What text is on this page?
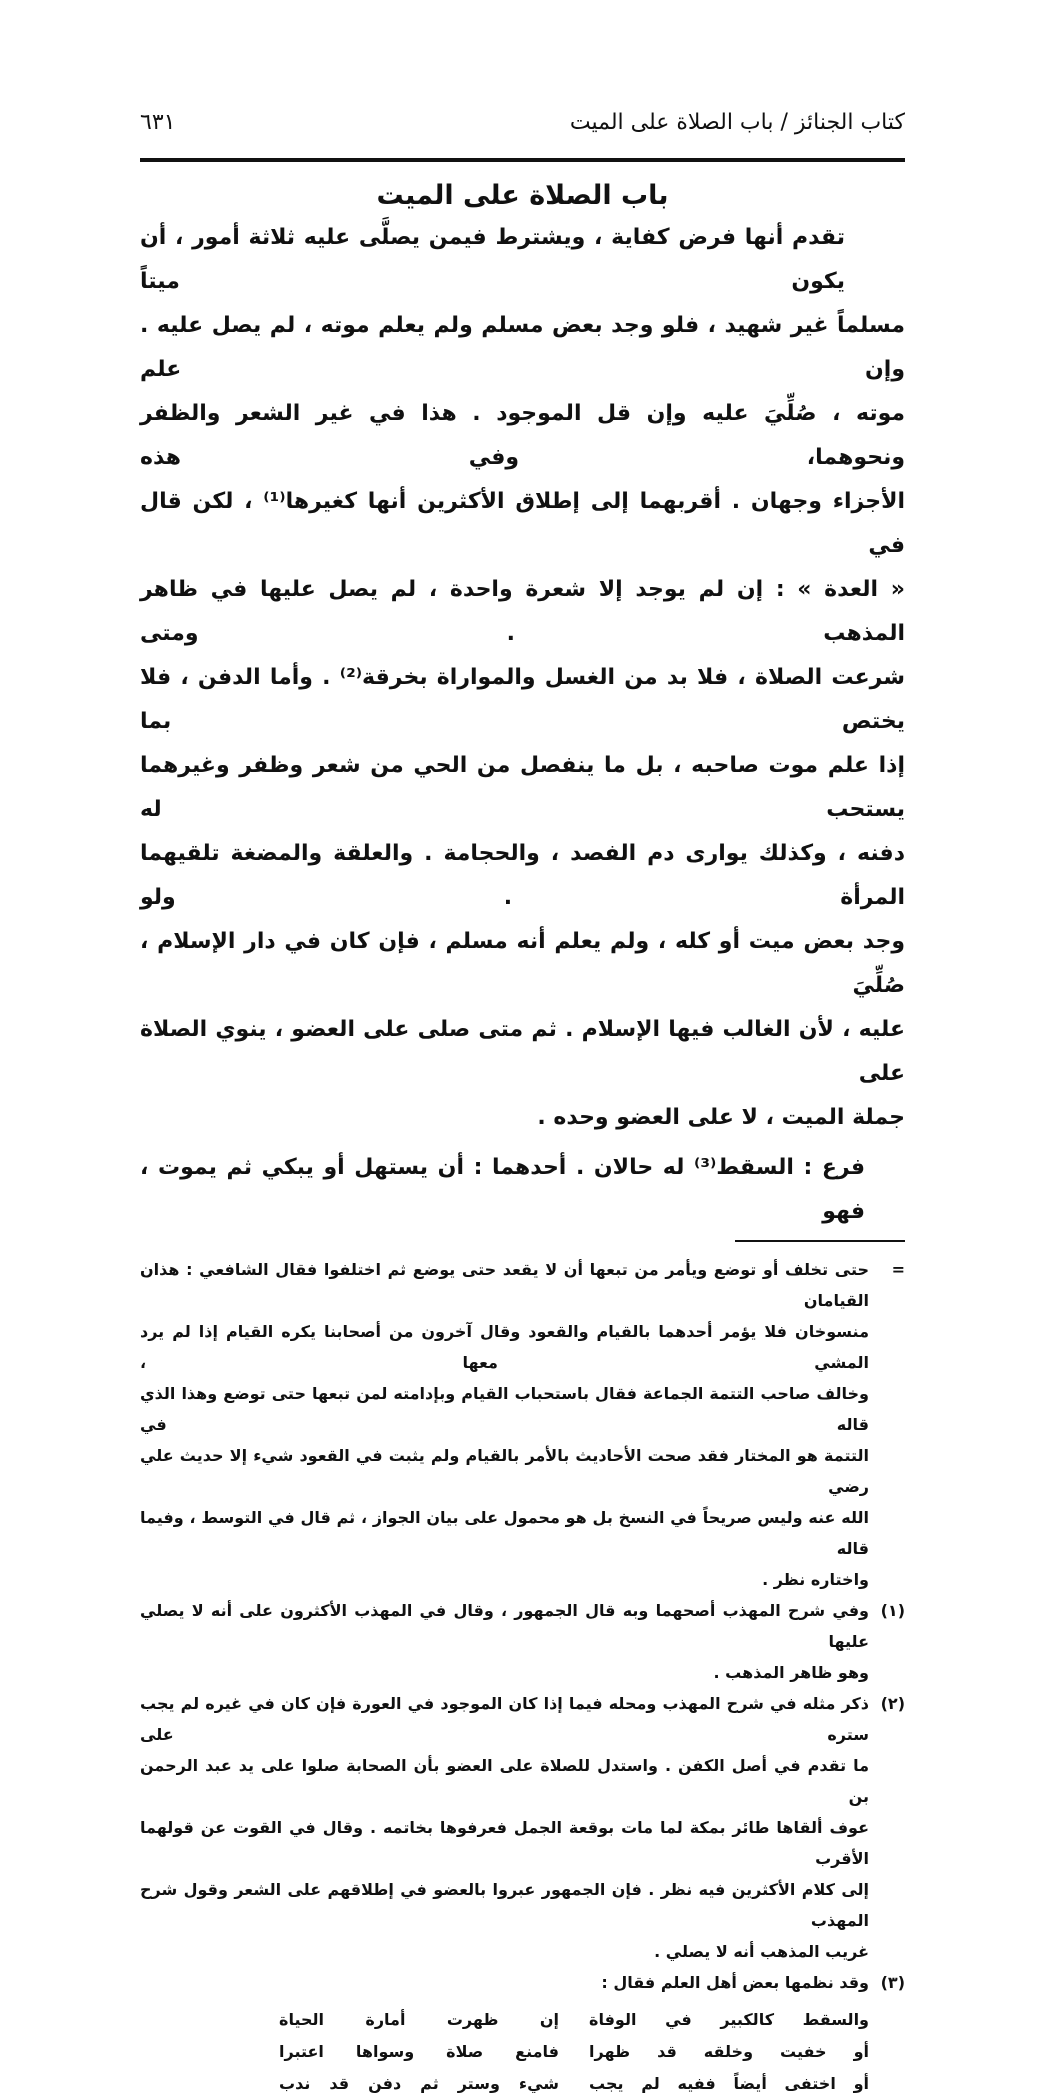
كتاب الجنائز / باب الصلاة على الميت
٦٣١
باب الصلاة على الميت
تقدم أنها فرض كفاية ، ويشترط فيمن يصلَّى عليه ثلاثة أمور ، أن يكون ميتاً
مسلماً غير شهيد ، فلو وجد بعض مسلم ولم يعلم موته ، لم يصل عليه . وإن علم
موته ، صُلِّيَ عليه وإن قل الموجود . هذا في غير الشعر والظفر ونحوهما، وفي هذه
الأجزاء وجهان . أقربهما إلى إطلاق الأكثرين أنها كغيرها⁽¹⁾ ، لكن قال في
« العدة » : إن لم يوجد إلا شعرة واحدة ، لم يصل عليها في ظاهر المذهب . ومتى
شرعت الصلاة ، فلا بد من الغسل والمواراة بخرقة⁽²⁾ . وأما الدفن ، فلا يختص بما
إذا علم موت صاحبه ، بل ما ينفصل من الحي من شعر وظفر وغيرهما يستحب له
دفنه ، وكذلك يوارى دم الفصد ، والحجامة . والعلقة والمضغة تلقيهما المرأة . ولو
وجد بعض ميت أو كله ، ولم يعلم أنه مسلم ، فإن كان في دار الإسلام ، صُلِّيَ
عليه ، لأن الغالب فيها الإسلام . ثم متى صلى على العضو ، ينوي الصلاة على
جملة الميت ، لا على العضو وحده .
فرع : السقط⁽³⁾ له حالان . أحدهما : أن يستهل أو يبكي ثم يموت ، فهو
حتى تخلف أو توضع ويأمر من تبعها أن لا يقعد حتى يوضع ثم اختلفوا فقال الشافعي : هذان القيامان
=
منسوخان فلا يؤمر أحدهما بالقيام والقعود وقال آخرون من أصحابنا يكره القيام إذا لم يرد المشي معها ،
وخالف صاحب التتمة الجماعة فقال باستحباب القيام وبإدامته لمن تبعها حتى توضع وهذا الذي قاله في
التتمة هو المختار فقد صحت الأحاديث بالأمر بالقيام ولم يثبت في القعود شيء إلا حديث علي رضي
الله عنه وليس صريحاً في النسخ بل هو محمول على بيان الجواز ، ثم قال في التوسط ، وفيما قاله
واختاره نظر .
وفي شرح المهذب أصحهما وبه قال الجمهور ، وقال في المهذب الأكثرون على أنه لا يصلي عليها
(١)
وهو ظاهر المذهب .
ذكر مثله في شرح المهذب ومحله فيما إذا كان الموجود في العورة فإن كان في غيره لم يجب ستره على
(٢)
ما تقدم في أصل الكفن . واستدل للصلاة على العضو بأن الصحابة صلوا على يد عبد الرحمن بن
عوف ألقاها طائر بمكة لما مات بوقعة الجمل فعرفوها بخاتمه . وقال في القوت عن قولهما الأقرب
إلى كلام الأكثرين فيه نظر . فإن الجمهور عبروا بالعضو في إطلاقهم على الشعر وقول شرح المهذب
غريب المذهب أنه لا يصلي .
وقد نظمها بعض أهل العلم فقال : (٣)
والسقط كالكبير في الوفاة
إن ظهرت أمارة الحياة
أو خفيت وخلقه قد ظهرا
فامنع صلاة وسواها اعتبرا
أو اختفى أيضاً ففيه لم يجب
شيء وستر ثم دفن قد ندب
